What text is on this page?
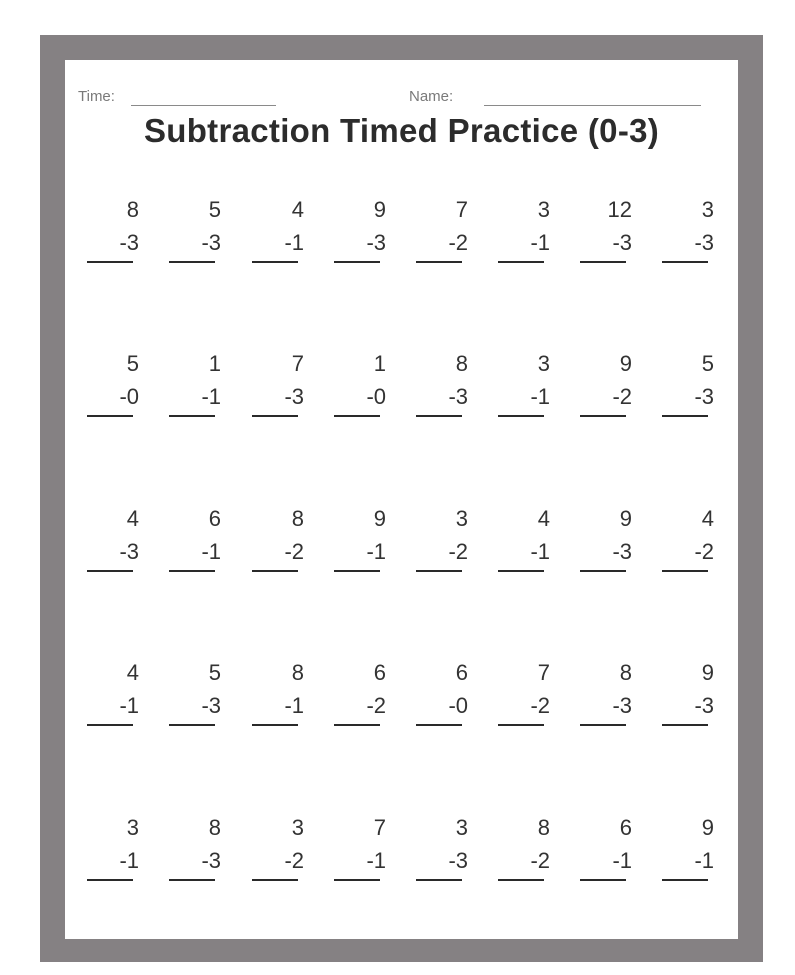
Time:	Name:
Subtraction Timed Practice (0-3)
8
-3
5
-3
4
-1
9
-3
7
-2
3
-1
12
-3
3
-3
5
-0
1
-1
7
-3
1
-0
8
-3
3
-1
9
-2
5
-3
4
-3
6
-1
8
-2
9
-1
3
-2
4
-1
9
-3
4
-2
4
-1
5
-3
8
-1
6
-2
6
-0
7
-2
8
-3
9
-3
3
-1
8
-3
3
-2
7
-1
3
-3
8
-2
6
-1
9
-1
